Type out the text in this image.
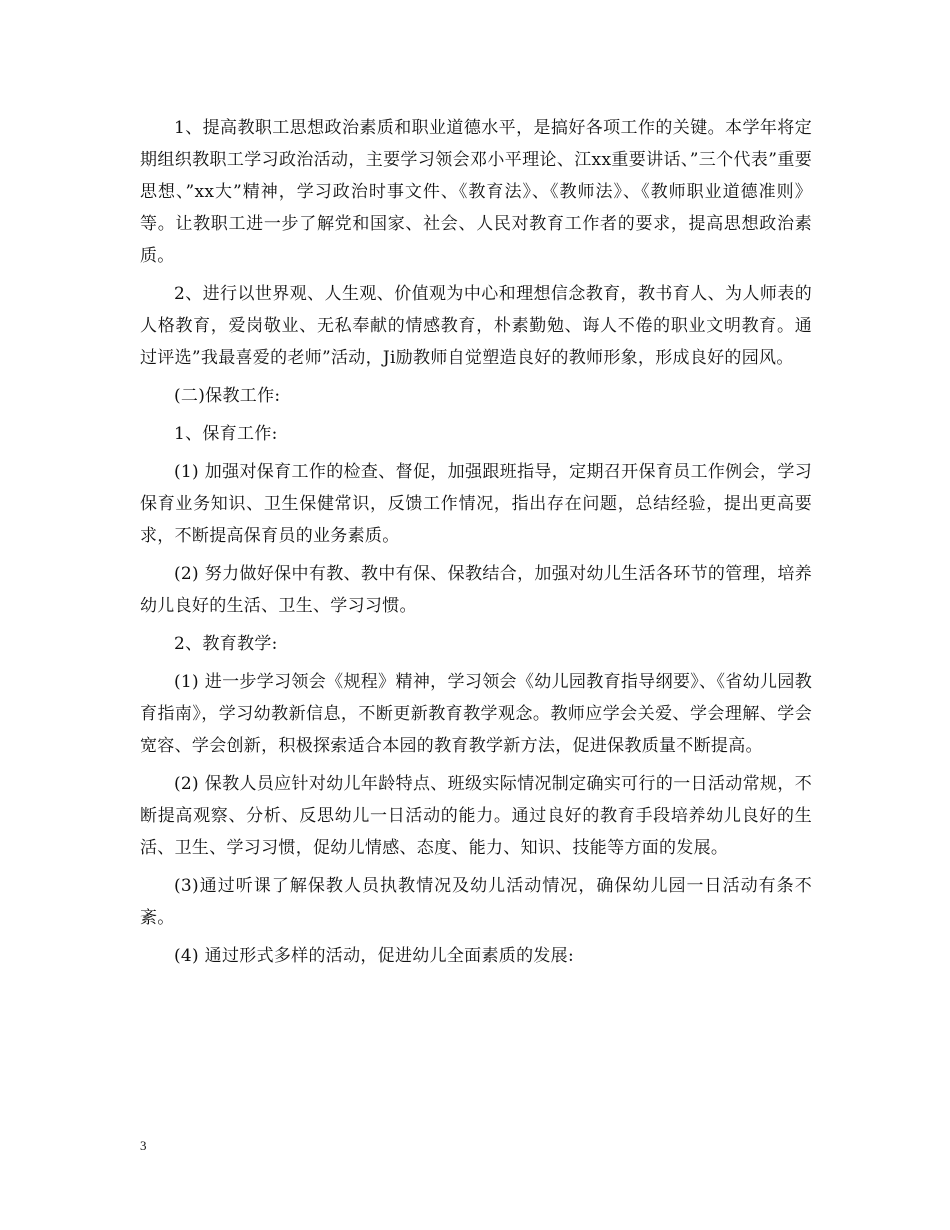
1、提高教职工思想政治素质和职业道德水平，是搞好各项工作的关键。本学年将定期组织教职工学习政治活动，主要学习领会邓小平理论、江xx重要讲话、”三个代表”重要思想、”xx大”精神，学习政治时事文件、《教育法》、《教师法》、《教师职业道德准则》等。让教职工进一步了解党和国家、社会、人民对教育工作者的要求，提高思想政治素质。

2、进行以世界观、人生观、价值观为中心和理想信念教育，教书育人、为人师表的人格教育，爱岗敬业、无私奉献的情感教育，朴素勤勉、诲人不倦的职业文明教育。通过评选”我最喜爱的老师”活动，Ji励教师自觉塑造良好的教师形象，形成良好的园风。

(二)保教工作:

1、保育工作:

(1) 加强对保育工作的检查、督促，加强跟班指导，定期召开保育员工作例会，学习保育业务知识、卫生保健常识，反馈工作情况，指出存在问题，总结经验，提出更高要求，不断提高保育员的业务素质。

(2) 努力做好保中有教、教中有保、保教结合，加强对幼儿生活各环节的管理，培养幼儿良好的生活、卫生、学习习惯。

2、教育教学:

(1) 进一步学习领会《规程》精神，学习领会《幼儿园教育指导纲要》、《省幼儿园教育指南》，学习幼教新信息，不断更新教育教学观念。教师应学会关爱、学会理解、学会宽容、学会创新，积极探索适合本园的教育教学新方法，促进保教质量不断提高。

(2) 保教人员应针对幼儿年龄特点、班级实际情况制定确实可行的一日活动常规，不断提高观察、分析、反思幼儿一日活动的能力。通过良好的教育手段培养幼儿良好的生活、卫生、学习习惯，促幼儿情感、态度、能力、知识、技能等方面的发展。

(3)通过听课了解保教人员执教情况及幼儿活动情况，确保幼儿园一日活动有条不紊。

(4) 通过形式多样的活动，促进幼儿全面素质的发展:

3
